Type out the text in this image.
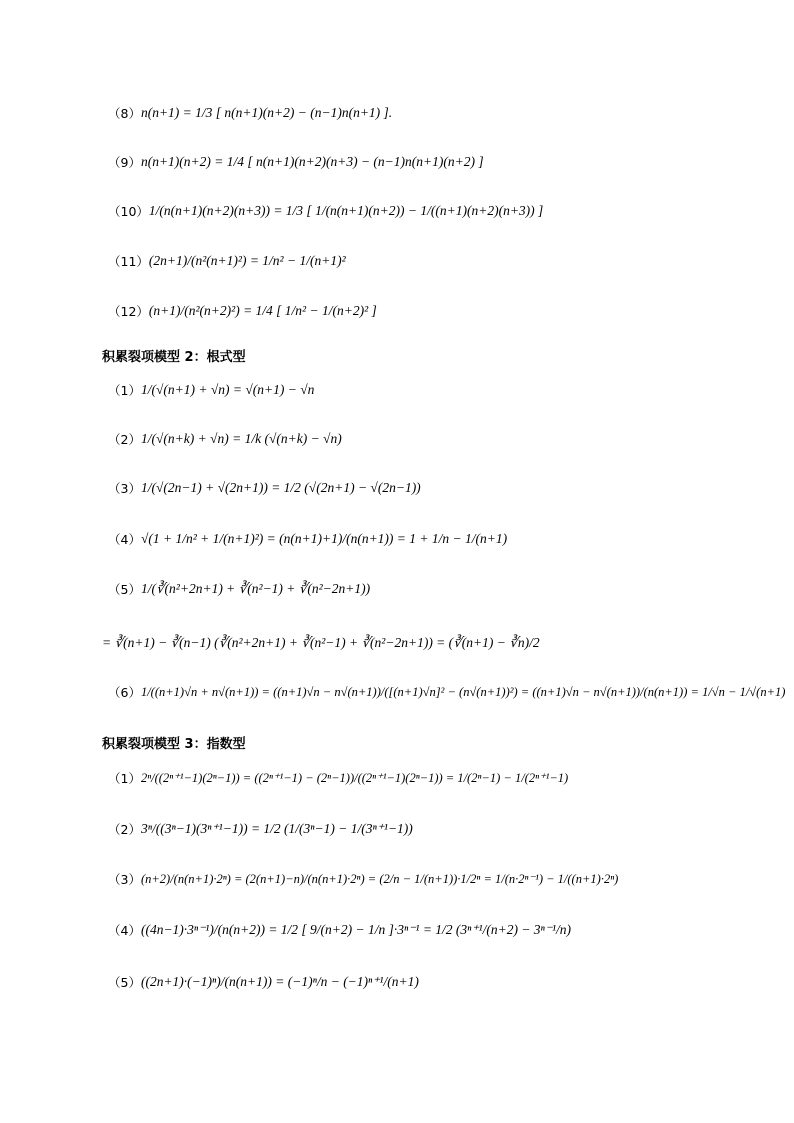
（8） n(n+1) = 1/3 [ n(n+1)(n+2) − (n−1)n(n+1) ].
（9） n(n+1)(n+2) = 1/4 [ n(n+1)(n+2)(n+3) − (n−1)n(n+1)(n+2) ]
（10） 1/(n(n+1)(n+2)(n+3)) = 1/3 [ 1/(n(n+1)(n+2)) − 1/((n+1)(n+2)(n+3)) ]
（11） (2n+1)/(n²(n+1)²) = 1/n² − 1/(n+1)²
（12） (n+1)/(n²(n+2)²) = 1/4 [ 1/n² − 1/(n+2)² ]
积累裂项模型 2：根式型
（1） 1/(√(n+1) + √n) = √(n+1) − √n
（2） 1/(√(n+k) + √n) = 1/k (√(n+k) − √n)
（3） 1/(√(2n−1) + √(2n+1)) = 1/2 (√(2n+1) − √(2n−1))
（4） √(1 + 1/n² + 1/(n+1)²) = (n(n+1)+1)/(n(n+1)) = 1 + 1/n − 1/(n+1)
（5） 1/(∛(n²+2n+1) + ∛(n²−1) + ∛(n²−2n+1))
= ∛(n+1) − ∛(n−1) (∛(n²+2n+1) + ∛(n²−1) + ∛(n²−2n+1)) = (∛(n+1) − ∛n)/2
（6） 1/((n+1)√n + n√(n+1)) = ((n+1)√n − n√(n+1))/([(n+1)√n]² − (n√(n+1))²) = ((n+1)√n − n√(n+1))/(n(n+1)) = 1/√n − 1/√(n+1)
积累裂项模型 3：指数型
（1） 2ⁿ/((2ⁿ⁺¹−1)(2ⁿ−1)) = ((2ⁿ⁺¹−1) − (2ⁿ−1))/((2ⁿ⁺¹−1)(2ⁿ−1)) = 1/(2ⁿ−1) − 1/(2ⁿ⁺¹−1)
（2） 3ⁿ/((3ⁿ−1)(3ⁿ⁺¹−1)) = 1/2 (1/(3ⁿ−1) − 1/(3ⁿ⁺¹−1))
（3） (n+2)/(n(n+1)·2ⁿ) = (2(n+1)−n)/(n(n+1)·2ⁿ) = (2/n − 1/(n+1))·1/2ⁿ = 1/(n·2ⁿ⁻¹) − 1/((n+1)·2ⁿ)
（4） ((4n−1)·3ⁿ⁻¹)/(n(n+2)) = 1/2 [ 9/(n+2) − 1/n ]·3ⁿ⁻¹ = 1/2 (3ⁿ⁺¹/(n+2) − 3ⁿ⁻¹/n)
（5） ((2n+1)·(−1)ⁿ)/(n(n+1)) = (−1)ⁿ/n − (−1)ⁿ⁺¹/(n+1)
